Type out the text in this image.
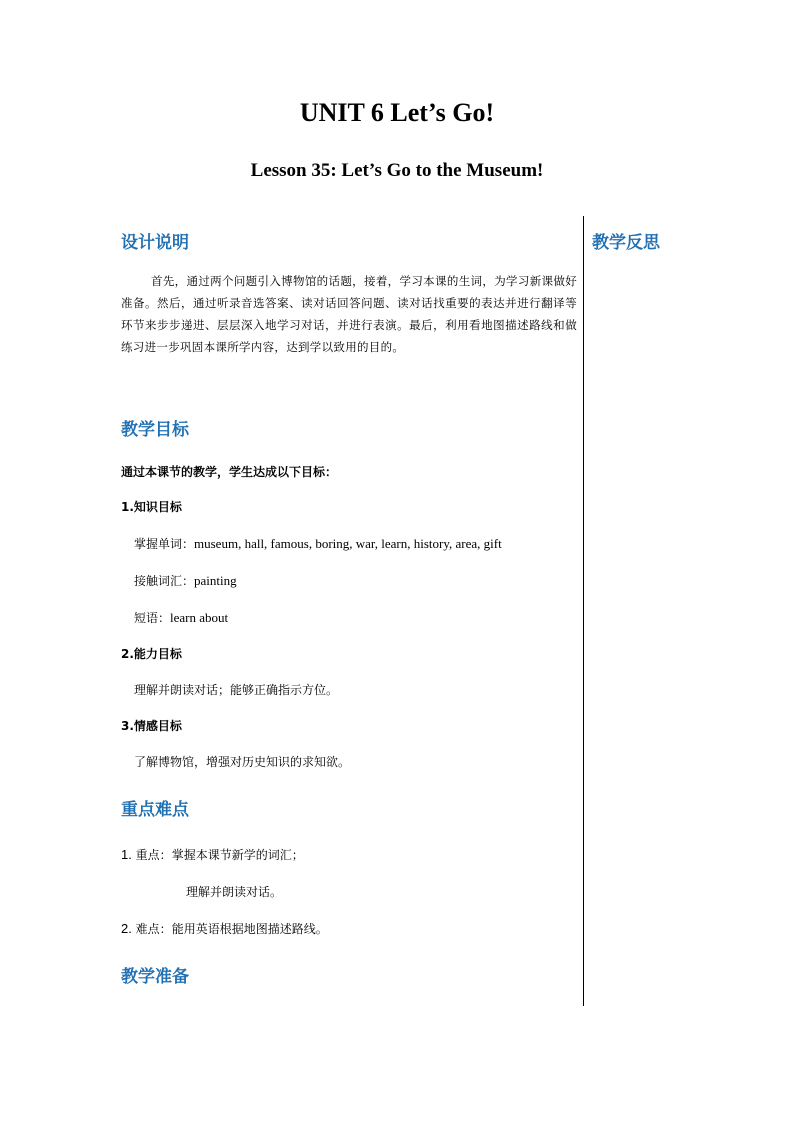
UNIT 6 Let’s Go!
Lesson 35: Let’s Go to the Museum!
设计说明	教学反思
首先，通过两个问题引入博物馆的话题，接着，学习本课的生词，为学习新课做好准备。然后，通过听录音选答案、读对话回答问题、读对话找重要的表达并进行翻译等环节来步步递进、层层深入地学习对话，并进行表演。最后，利用看地图描述路线和做练习进一步巩固本课所学内容，达到学以致用的目的。
教学目标
通过本课节的教学，学生达成以下目标：
1.知识目标
掌握单词：museum, hall, famous, boring, war, learn, history, area, gift
接触词汇：painting
短语：learn about
2.能力目标
理解并朗读对话；能够正确指示方位。
3.情感目标
了解博物馆，增强对历史知识的求知欲。
重点难点
1. 重点：掌握本课节新学的词汇；
理解并朗读对话。
2. 难点：能用英语根据地图描述路线。
教学准备
